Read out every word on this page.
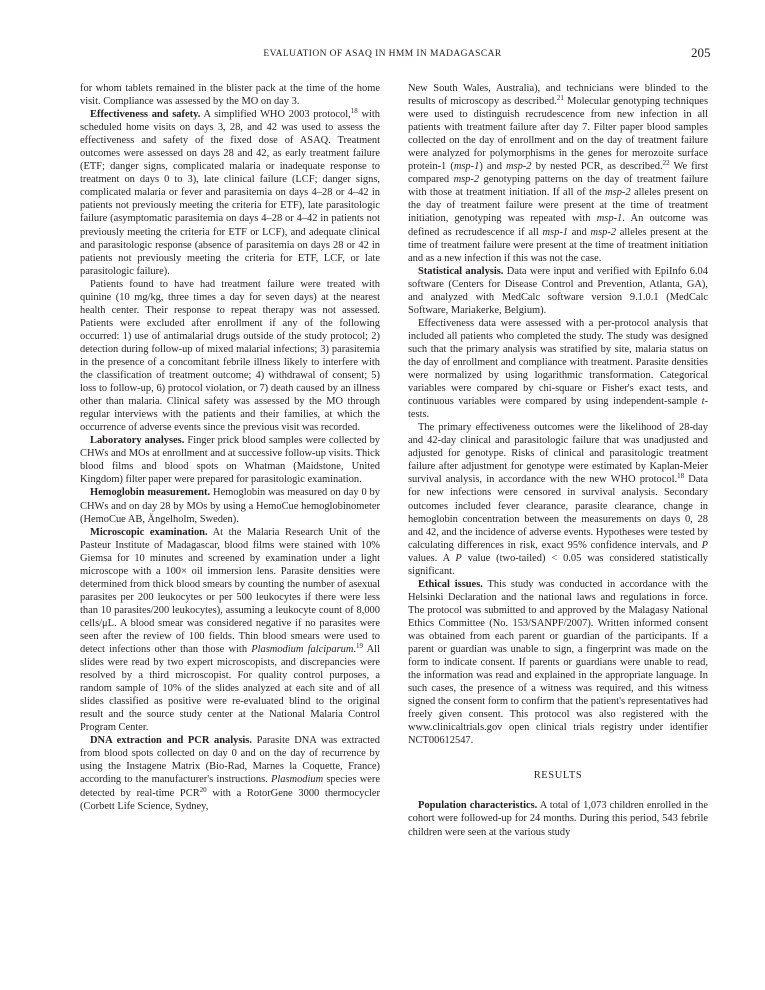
EVALUATION OF ASAQ IN HMM IN MADAGASCAR	205

for whom tablets remained in the blister pack at the time of the home visit. Compliance was assessed by the MO on day 3.

Effectiveness and safety. A simplified WHO 2003 protocol,$^{18}$ with scheduled home visits on days 3, 28, and 42 was used to assess the effectiveness and safety of the fixed dose of ASAQ. Treatment outcomes were assessed on days 28 and 42, as early treatment failure (ETF; danger signs, complicated malaria or inadequate response to treatment on days 0 to 3), late clinical failure (LCF; danger signs, complicated malaria or fever and parasitemia on days 4–28 or 4–42 in patients not previously meeting the criteria for ETF), late parasitologic failure (asymptomatic parasitemia on days 4–28 or 4–42 in patients not previously meeting the criteria for ETF or LCF), and adequate clinical and parasitologic response (absence of parasitemia on days 28 or 42 in patients not previously meeting the criteria for ETF, LCF, or late parasitologic failure).

Patients found to have had treatment failure were treated with quinine (10 mg/kg, three times a day for seven days) at the nearest health center. Their response to repeat therapy was not assessed. Patients were excluded after enrollment if any of the following occurred: 1) use of antimalarial drugs outside of the study protocol; 2) detection during follow-up of mixed malarial infections; 3) parasitemia in the presence of a concomitant febrile illness likely to interfere with the classification of treatment outcome; 4) withdrawal of consent; 5) loss to follow-up, 6) protocol violation, or 7) death caused by an illness other than malaria. Clinical safety was assessed by the MO through regular interviews with the patients and their families, at which the occurrence of adverse events since the previous visit was recorded.

Laboratory analyses. Finger prick blood samples were collected by CHWs and MOs at enrollment and at successive follow-up visits. Thick blood films and blood spots on Whatman (Maidstone, United Kingdom) filter paper were prepared for parasitologic examination.

Hemoglobin measurement. Hemoglobin was measured on day 0 by CHWs and on day 28 by MOs by using a HemoCue hemoglobinometer (HemoCue AB, Ängelholm, Sweden).

Microscopic examination. At the Malaria Research Unit of the Pasteur Institute of Madagascar, blood films were stained with 10% Giemsa for 10 minutes and screened by examination under a light microscope with a 100× oil immersion lens. Parasite densities were determined from thick blood smears by counting the number of asexual parasites per 200 leukocytes or per 500 leukocytes if there were less than 10 parasites/200 leukocytes), assuming a leukocyte count of 8,000 cells/μL. A blood smear was considered negative if no parasites were seen after the review of 100 fields. Thin blood smears were used to detect infections other than those with Plasmodium falciparum.$^{19}$ All slides were read by two expert microscopists, and discrepancies were resolved by a third microscopist. For quality control purposes, a random sample of 10% of the slides analyzed at each site and of all slides classified as positive were re-evaluated blind to the original result and the source study center at the National Malaria Control Program Center.

DNA extraction and PCR analysis. Parasite DNA was extracted from blood spots collected on day 0 and on the day of recurrence by using the Instagene Matrix (Bio-Rad, Marnes la Coquette, France) according to the manufacturer's instructions. Plasmodium species were detected by real-time PCR$^{20}$ with a RotorGene 3000 thermocycler (Corbett Life Science, Sydney,

New South Wales, Australia), and technicians were blinded to the results of microscopy as described.$^{21}$ Molecular genotyping techniques were used to distinguish recrudescence from new infection in all patients with treatment failure after day 7. Filter paper blood samples collected on the day of enrollment and on the day of treatment failure were analyzed for polymorphisms in the genes for merozoite surface protein-1 (msp-1) and msp-2 by nested PCR, as described.$^{22}$ We first compared msp-2 genotyping patterns on the day of treatment failure with those at treatment initiation. If all of the msp-2 alleles present on the day of treatment failure were present at the time of treatment initiation, genotyping was repeated with msp-1. An outcome was defined as recrudescence if all msp-1 and msp-2 alleles present at the time of treatment failure were present at the time of treatment initiation and as a new infection if this was not the case.

Statistical analysis. Data were input and verified with EpiInfo 6.04 software (Centers for Disease Control and Prevention, Atlanta, GA), and analyzed with MedCalc software version 9.1.0.1 (MedCalc Software, Mariakerke, Belgium).

Effectiveness data were assessed with a per-protocol analysis that included all patients who completed the study. The study was designed such that the primary analysis was stratified by site, malaria status on the day of enrollment and compliance with treatment. Parasite densities were normalized by using logarithmic transformation. Categorical variables were compared by chi-square or Fisher's exact tests, and continuous variables were compared by using independent-sample t-tests.

The primary effectiveness outcomes were the likelihood of 28-day and 42-day clinical and parasitologic failure that was unadjusted and adjusted for genotype. Risks of clinical and parasitologic treatment failure after adjustment for genotype were estimated by Kaplan-Meier survival analysis, in accordance with the new WHO protocol.$^{18}$ Data for new infections were censored in survival analysis. Secondary outcomes included fever clearance, parasite clearance, change in hemoglobin concentration between the measurements on days 0, 28 and 42, and the incidence of adverse events. Hypotheses were tested by calculating differences in risk, exact 95% confidence intervals, and P values. A P value (two-tailed) < 0.05 was considered statistically significant.

Ethical issues. This study was conducted in accordance with the Helsinki Declaration and the national laws and regulations in force. The protocol was submitted to and approved by the Malagasy National Ethics Committee (No. 153/SANPF/2007). Written informed consent was obtained from each parent or guardian of the participants. If a parent or guardian was unable to sign, a fingerprint was made on the form to indicate consent. If parents or guardians were unable to read, the information was read and explained in the appropriate language. In such cases, the presence of a witness was required, and this witness signed the consent form to confirm that the patient's representatives had freely given consent. This protocol was also registered with the www.clinicaltrials.gov open clinical trials registry under identifier NCT00612547.

RESULTS

Population characteristics. A total of 1,073 children enrolled in the cohort were followed-up for 24 months. During this period, 543 febrile children were seen at the various study
